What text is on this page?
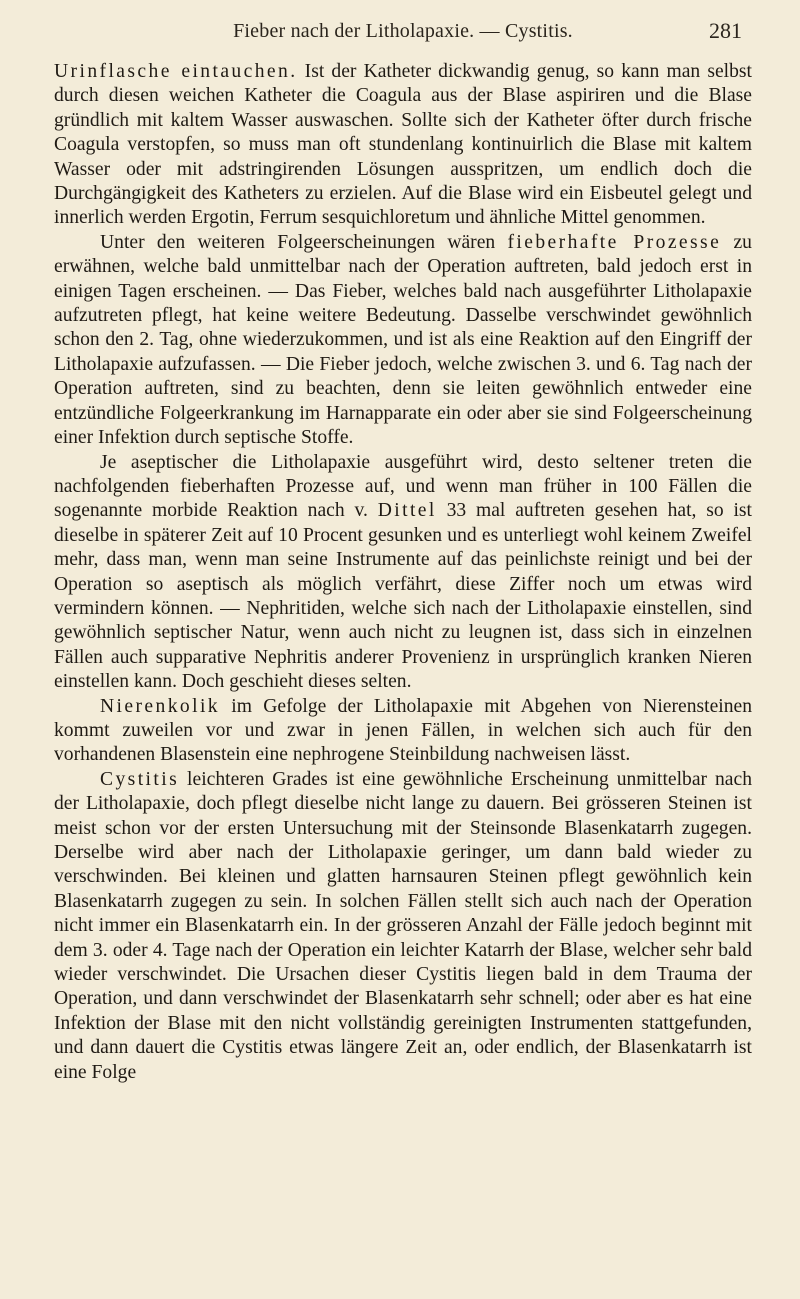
Fieber nach der Litholapaxie. — Cystitis.	281

Urinflasche eintauchen. Ist der Katheter dickwandig genug, so kann man selbst durch diesen weichen Katheter die Coagula aus der Blase aspiriren und die Blase gründlich mit kaltem Wasser auswaschen. Sollte sich der Katheter öfter durch frische Coagula verstopfen, so muss man oft stundenlang kontinuirlich die Blase mit kaltem Wasser oder mit adstringirenden Lösungen ausspritzen, um endlich doch die Durchgängigkeit des Katheters zu erzielen. Auf die Blase wird ein Eisbeutel gelegt und innerlich werden Ergotin, Ferrum sesquichloretum und ähnliche Mittel genommen.

Unter den weiteren Folgeerscheinungen wären fieberhafte Prozesse zu erwähnen, welche bald unmittelbar nach der Operation auftreten, bald jedoch erst in einigen Tagen erscheinen. — Das Fieber, welches bald nach ausgeführter Litholapaxie aufzutreten pflegt, hat keine weitere Bedeutung. Dasselbe verschwindet gewöhnlich schon den 2. Tag, ohne wiederzukommen, und ist als eine Reaktion auf den Eingriff der Litholapaxie aufzufassen. — Die Fieber jedoch, welche zwischen 3. und 6. Tag nach der Operation auftreten, sind zu beachten, denn sie leiten gewöhnlich entweder eine entzündliche Folgeerkrankung im Harnapparate ein oder aber sie sind Folgeerscheinung einer Infektion durch septische Stoffe.

Je aseptischer die Litholapaxie ausgeführt wird, desto seltener treten die nachfolgenden fieberhaften Prozesse auf, und wenn man früher in 100 Fällen die sogenannte morbide Reaktion nach v. Dittel 33 mal auftreten gesehen hat, so ist dieselbe in späterer Zeit auf 10 Procent gesunken und es unterliegt wohl keinem Zweifel mehr, dass man, wenn man seine Instrumente auf das peinlichste reinigt und bei der Operation so aseptisch als möglich verfährt, diese Ziffer noch um etwas wird vermindern können. — Nephritiden, welche sich nach der Litholapaxie einstellen, sind gewöhnlich septischer Natur, wenn auch nicht zu leugnen ist, dass sich in einzelnen Fällen auch supparative Nephritis anderer Provenienz in ursprünglich kranken Nieren einstellen kann. Doch geschieht dieses selten.

Nierenkolik im Gefolge der Litholapaxie mit Abgehen von Nierensteinen kommt zuweilen vor und zwar in jenen Fällen, in welchen sich auch für den vorhandenen Blasenstein eine nephrogene Steinbildung nachweisen lässt.

Cystitis leichteren Grades ist eine gewöhnliche Erscheinung unmittelbar nach der Litholapaxie, doch pflegt dieselbe nicht lange zu dauern. Bei grösseren Steinen ist meist schon vor der ersten Untersuchung mit der Steinsonde Blasenkatarrh zugegen. Derselbe wird aber nach der Litholapaxie geringer, um dann bald wieder zu verschwinden. Bei kleinen und glatten harnsauren Steinen pflegt gewöhnlich kein Blasenkatarrh zugegen zu sein. In solchen Fällen stellt sich auch nach der Operation nicht immer ein Blasenkatarrh ein. In der grösseren Anzahl der Fälle jedoch beginnt mit dem 3. oder 4. Tage nach der Operation ein leichter Katarrh der Blase, welcher sehr bald wieder verschwindet. Die Ursachen dieser Cystitis liegen bald in dem Trauma der Operation, und dann verschwindet der Blasenkatarrh sehr schnell; oder aber es hat eine Infektion der Blase mit den nicht vollständig gereinigten Instrumenten stattgefunden, und dann dauert die Cystitis etwas längere Zeit an, oder endlich, der Blasenkatarrh ist eine Folge
